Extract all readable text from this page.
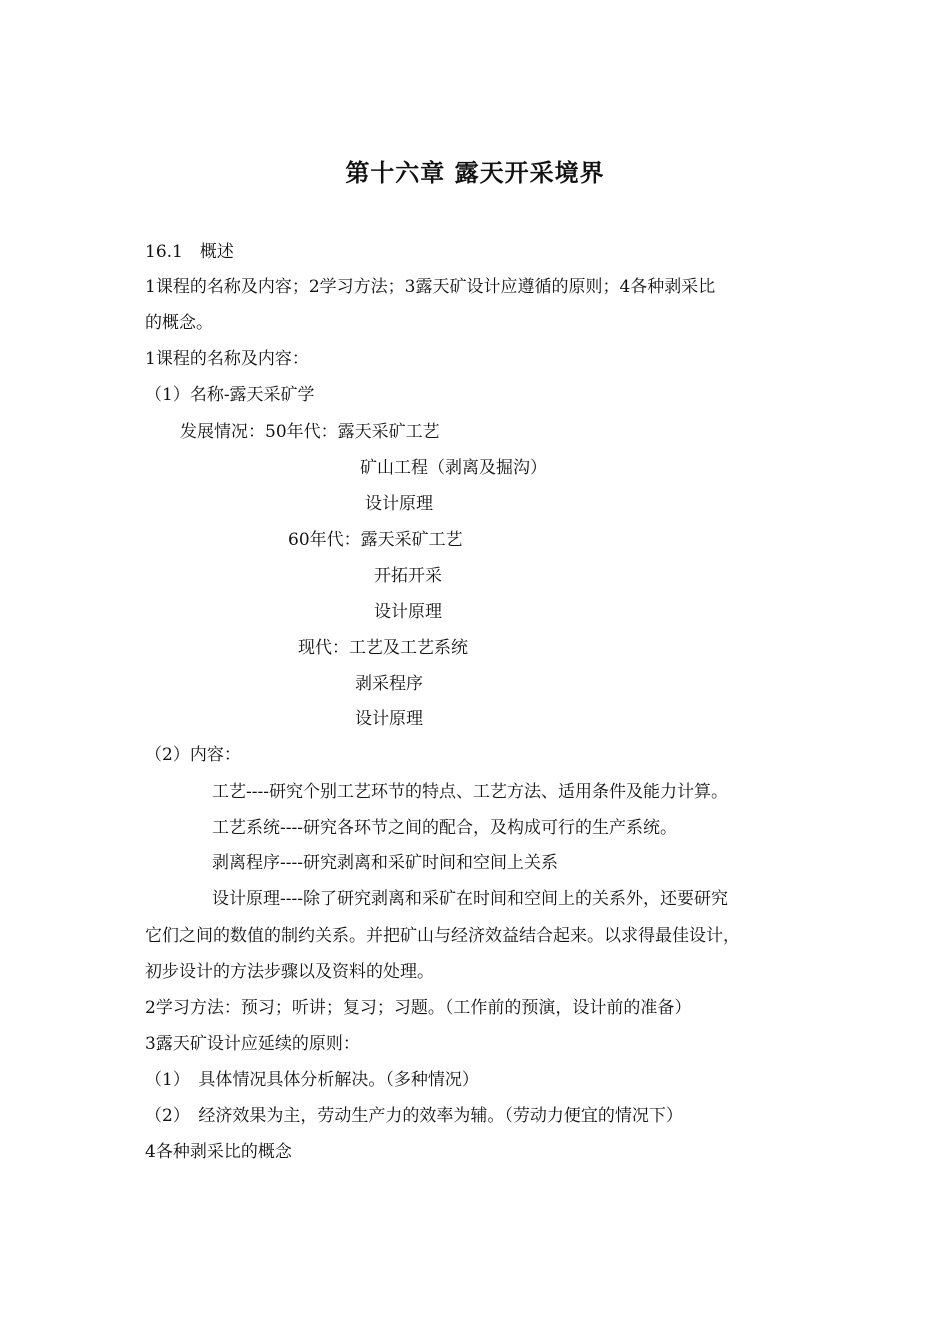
第十六章 露天开采境界
16.1　概述
1课程的名称及内容；2学习方法；3露天矿设计应遵循的原则；4各种剥采比
的概念。
1课程的名称及内容：
（1）名称-露天采矿学
发展情况：50年代：露天采矿工艺
矿山工程（剥离及掘沟）
设计原理
60年代：露天采矿工艺
开拓开采
设计原理
现代：工艺及工艺系统
剥采程序
设计原理
（2）内容：
工艺----研究个别工艺环节的特点、工艺方法、适用条件及能力计算。
工艺系统----研究各环节之间的配合，及构成可行的生产系统。
剥离程序----研究剥离和采矿时间和空间上关系
设计原理----除了研究剥离和采矿在时间和空间上的关系外，还要研究
它们之间的数值的制约关系。并把矿山与经济效益结合起来。以求得最佳设计，
初步设计的方法步骤以及资料的处理。
2学习方法：预习；听讲；复习；习题。（工作前的预演，设计前的准备）
3露天矿设计应延续的原则：
（1）　具体情况具体分析解决。（多种情况）
（2）　经济效果为主，劳动生产力的效率为辅。（劳动力便宜的情况下）
4各种剥采比的概念
